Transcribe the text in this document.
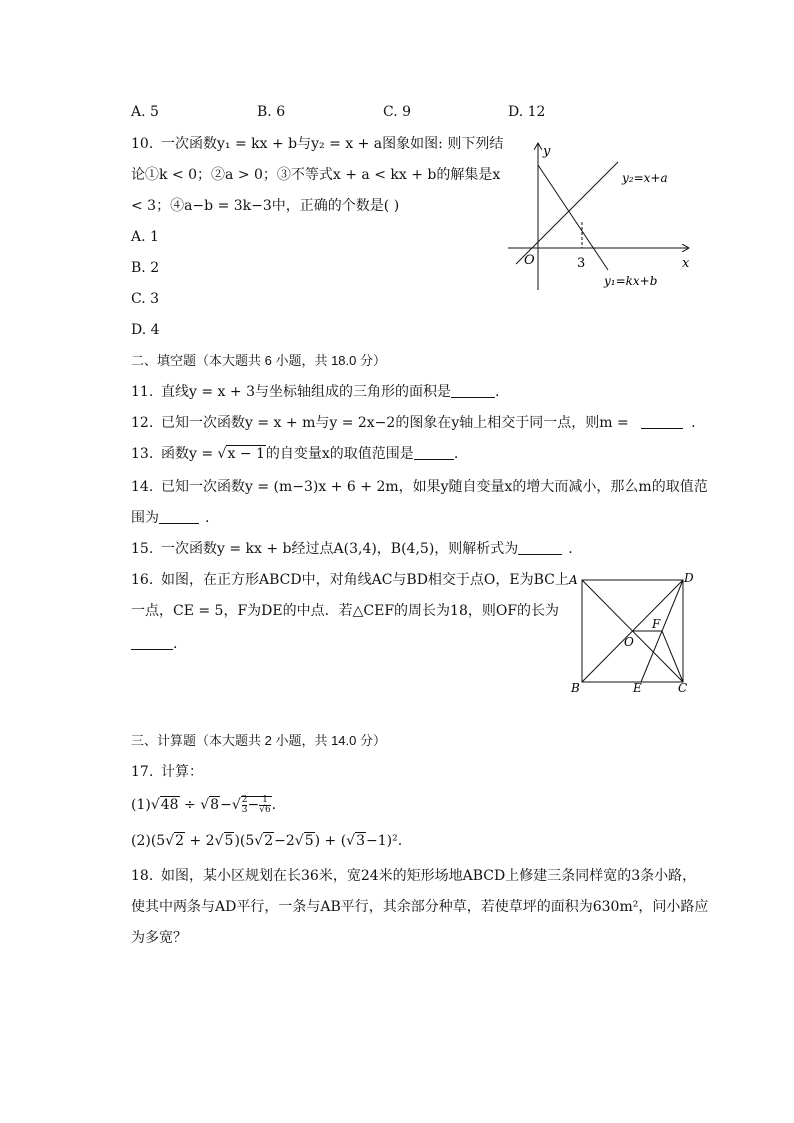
A. 5	B. 6	C. 9	D. 12
10. 一次函数y₁ = kx + b与y₂ = x + a图象如图: 则下列结
论①k < 0；②a > 0；③不等式x + a < kx + b的解集是x
< 3；④a−b = 3k−3中，正确的个数是( )
A. 1
B. 2
C. 3
D. 4
y
x
O	3
y₂=x+a
y₁=kx+b
二、填空题（本大题共 6 小题，共 18.0 分）
11. 直线y = x + 3与坐标轴组成的三角形的面积是	.
12. 已知一次函数y = x + m与y = 2x−2的图象在y轴上相交于同一点，则m =	.
13. 函数y = √x − 1的自变量x的取值范围是	.
14. 已知一次函数y = (m−3)x + 6 + 2m，如果y随自变量x的增大而减小，那么m的取值范
围为	.
15. 一次函数y = kx + b经过点A(3,4)，B(4,5)，则解析式为	.
16. 如图，在正方形ABCD中，对角线AC与BD相交于点O，E为BC上
一点，CE = 5，F为DE的中点．若△CEF的周长为18，则OF的长为
.
A	D
B	C
E
F
O
三、计算题（本大题共 2 小题，共 14.0 分）
17. 计算：
$(1)√48 \div √8-√ \frac{2}{3} - \frac{1}{√6}$ .
(2)(5√2 + 2√5)(5√2−2√5) + (√3−1)².
18. 如图，某小区规划在长36米，宽24米的矩形场地ABCD上修建三条同样宽的3条小路，
使其中两条与AD平行，一条与AB平行，其余部分种草，若使草坪的面积为630m²，问小路应
为多宽？
